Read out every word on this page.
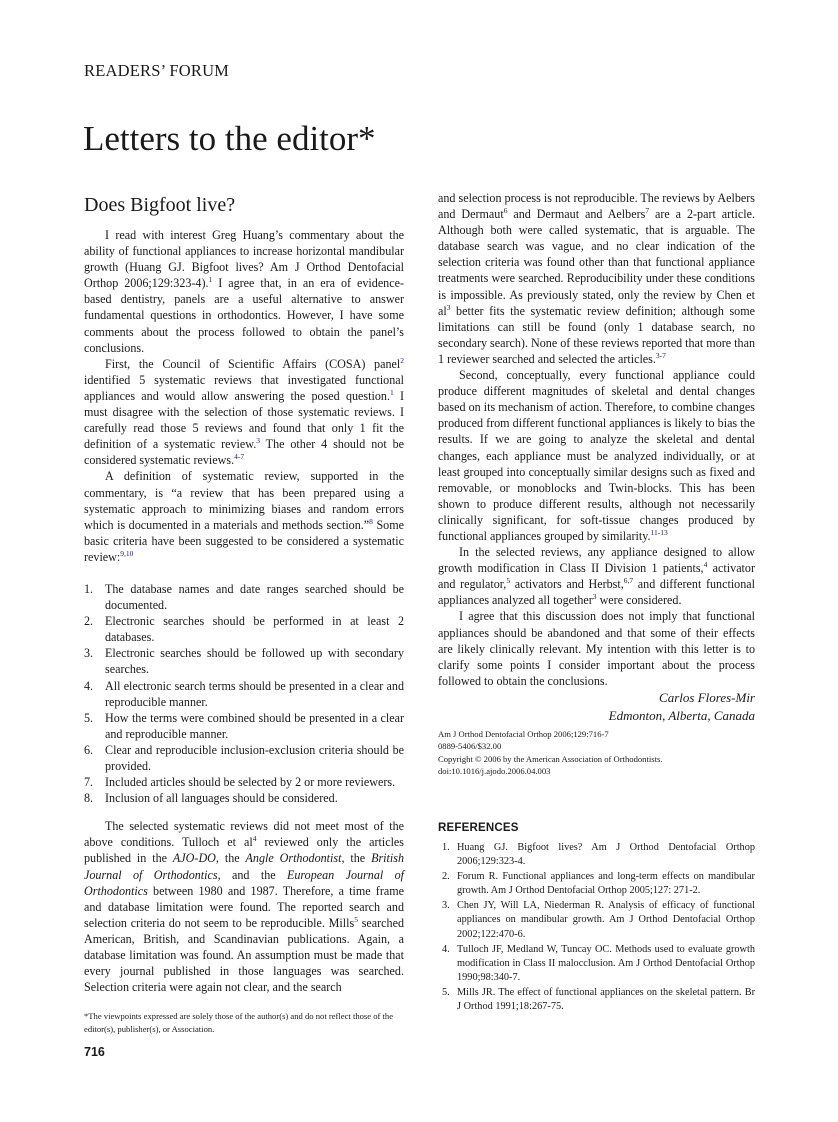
READERS’ FORUM
Letters to the editor*
Does Bigfoot live?

I read with interest Greg Huang’s commentary about the ability of functional appliances to increase horizontal mandibular growth (Huang GJ. Bigfoot lives? Am J Orthod Dentofacial Orthop 2006;129:323-4).$^1$ I agree that, in an era of evidence-based dentistry, panels are a useful alternative to answer fundamental questions in orthodontics. However, I have some comments about the process followed to obtain the panel’s conclusions.

First, the Council of Scientific Affairs (COSA) panel$^2$ identified 5 systematic reviews that investigated functional appliances and would allow answering the posed question.$^1$ I must disagree with the selection of those systematic reviews. I carefully read those 5 reviews and found that only 1 fit the definition of a systematic review.$^3$ The other 4 should not be considered systematic reviews.$^{4-7}$

A definition of systematic review, supported in the commentary, is “a review that has been prepared using a systematic approach to minimizing biases and random errors which is documented in a materials and methods section.”$^8$ Some basic criteria have been suggested to be considered a systematic review:$^{9,10}$

1. The database names and date ranges searched should be documented.
2. Electronic searches should be performed in at least 2 databases.
3. Electronic searches should be followed up with secondary searches.
4. All electronic search terms should be presented in a clear and reproducible manner.
5. How the terms were combined should be presented in a clear and reproducible manner.
6. Clear and reproducible inclusion-exclusion criteria should be provided.
7. Included articles should be selected by 2 or more reviewers.
8. Inclusion of all languages should be considered.

The selected systematic reviews did not meet most of the above conditions. Tulloch et $al^4$ reviewed only the articles published in the AJO-DO, the Angle Orthodontist, the British Journal of Orthodontics, and the European Journal of Orthodontics between 1980 and 1987. Therefore, a time frame and database limitation were found. The reported search and selection criteria do not seem to be reproducible. Mills$^5$ searched American, British, and Scandinavian publications. Again, a database limitation was found. An assumption must be made that every journal published in those languages was searched. Selection criteria were again not clear, and the search

and selection process is not reproducible. The reviews by Aelbers and Dermaut$^6$ and Dermaut and Aelbers$^7$ are a 2-part article. Although both were called systematic, that is arguable. The database search was vague, and no clear indication of the selection criteria was found other than that functional appliance treatments were searched. Reproducibility under these conditions is impossible. As previously stated, only the review by Chen et $al^3$ better fits the systematic review definition; although some limitations can still be found (only 1 database search, no secondary search). None of these reviews reported that more than 1 reviewer searched and selected the articles.$^{3-7}$

Second, conceptually, every functional appliance could produce different magnitudes of skeletal and dental changes based on its mechanism of action. Therefore, to combine changes produced from different functional appliances is likely to bias the results. If we are going to analyze the skeletal and dental changes, each appliance must be analyzed individually, or at least grouped into conceptually similar designs such as fixed and removable, or monoblocks and Twin-blocks. This has been shown to produce different results, although not necessarily clinically significant, for soft-tissue changes produced by functional appliances grouped by similarity.$^{11-13}$

In the selected reviews, any appliance designed to allow growth modification in Class II Division 1 patients,$^4$ activator and regulator,$^5$ activators and Herbst,$^{6,7}$ and different functional appliances analyzed all together$^3$ were considered.

I agree that this discussion does not imply that functional appliances should be abandoned and that some of their effects are likely clinically relevant. My intention with this letter is to clarify some points I consider important about the process followed to obtain the conclusions.

Carlos Flores-Mir
Edmonton, Alberta, Canada
Am J Orthod Dentofacial Orthop 2006;129:716-7
0889-5406/$32.00
Copyright © 2006 by the American Association of Orthodontists.
doi:10.1016/j.ajodo.2006.04.003
REFERENCES
1. Huang GJ. Bigfoot lives? Am J Orthod Dentofacial Orthop 2006;129:323-4.
2. Forum R. Functional appliances and long-term effects on mandibular growth. Am J Orthod Dentofacial Orthop 2005;127: 271-2.
3. Chen JY, Will LA, Niederman R. Analysis of efficacy of functional appliances on mandibular growth. Am J Orthod Dentofacial Orthop 2002;122:470-6.
4. Tulloch JF, Medland W, Tuncay OC. Methods used to evaluate growth modification in Class II malocclusion. Am J Orthod Dentofacial Orthop 1990;98:340-7.
5. Mills JR. The effect of functional appliances on the skeletal pattern. Br J Orthod 1991;18:267-75.
*The viewpoints expressed are solely those of the author(s) and do not reflect those of the editor(s), publisher(s), or Association.
716
